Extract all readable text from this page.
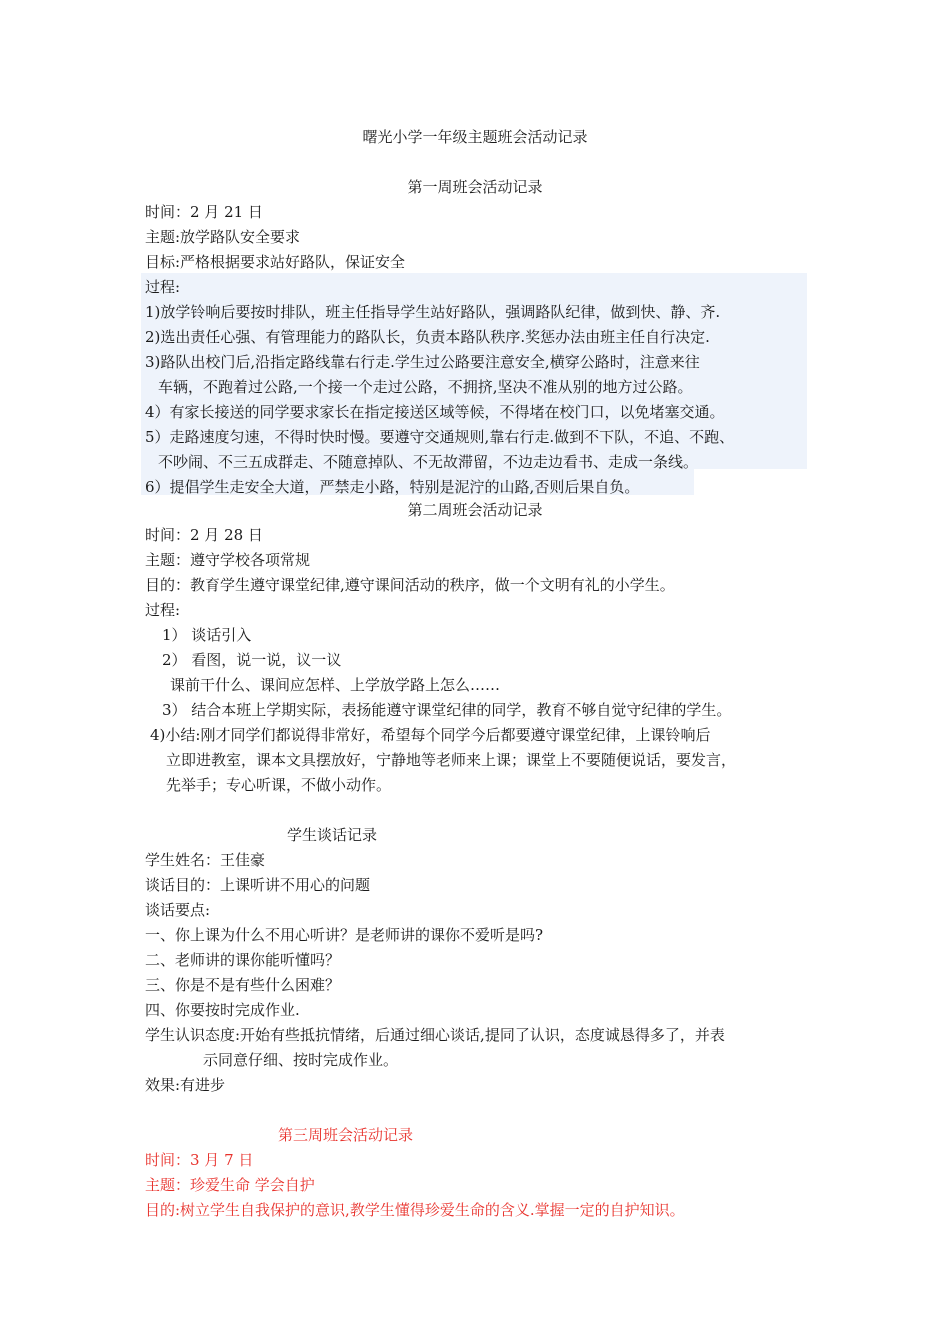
曙光小学一年级主题班会活动记录
第一周班会活动记录
时间：2 月 21 日
主题:放学路队安全要求
目标:严格根据要求站好路队，保证安全
过程:
1)放学铃响后要按时排队，班主任指导学生站好路队，强调路队纪律，做到快、静、齐.
2)选出责任心强、有管理能力的路队长，负责本路队秩序.奖惩办法由班主任自行决定.
3)路队出校门后,沿指定路线靠右行走.学生过公路要注意安全,横穿公路时，注意来往
车辆，不跑着过公路,一个接一个走过公路，不拥挤,坚决不准从别的地方过公路。
4）有家长接送的同学要求家长在指定接送区域等候，不得堵在校门口，以免堵塞交通。
5）走路速度匀速，不得时快时慢。要遵守交通规则,靠右行走.做到不下队，不追、不跑、
不吵闹、不三五成群走、不随意掉队、不无故滞留，不边走边看书、走成一条线。
6）提倡学生走安全大道，严禁走小路，特别是泥泞的山路,否则后果自负。
第二周班会活动记录
时间：2 月 28 日
主题：遵守学校各项常规
目的：教育学生遵守课堂纪律,遵守课间活动的秩序，做一个文明有礼的小学生。
过程:
1） 谈话引入
2） 看图，说一说，议一议
课前干什么、课间应怎样、上学放学路上怎么……
3） 结合本班上学期实际，表扬能遵守课堂纪律的同学，教育不够自觉守纪律的学生。
4)小结:刚才同学们都说得非常好，希望每个同学今后都要遵守课堂纪律，上课铃响后
立即进教室，课本文具摆放好，宁静地等老师来上课；课堂上不要随便说话，要发言，
先举手；专心听课，不做小动作。
学生谈话记录
学生姓名：王佳豪
谈话目的：上课听讲不用心的问题
谈话要点:
一、你上课为什么不用心听讲？是老师讲的课你不爱听是吗?
二、老师讲的课你能听懂吗？
三、你是不是有些什么困难？
四、你要按时完成作业.
学生认识态度:开始有些抵抗情绪，后通过细心谈话,提同了认识，态度诚恳得多了，并表
示同意仔细、按时完成作业。
效果:有进步
第三周班会活动记录
时间：3 月 7 日
主题：珍爱生命 学会自护
目的:树立学生自我保护的意识,教学生懂得珍爱生命的含义.掌握一定的自护知识。
